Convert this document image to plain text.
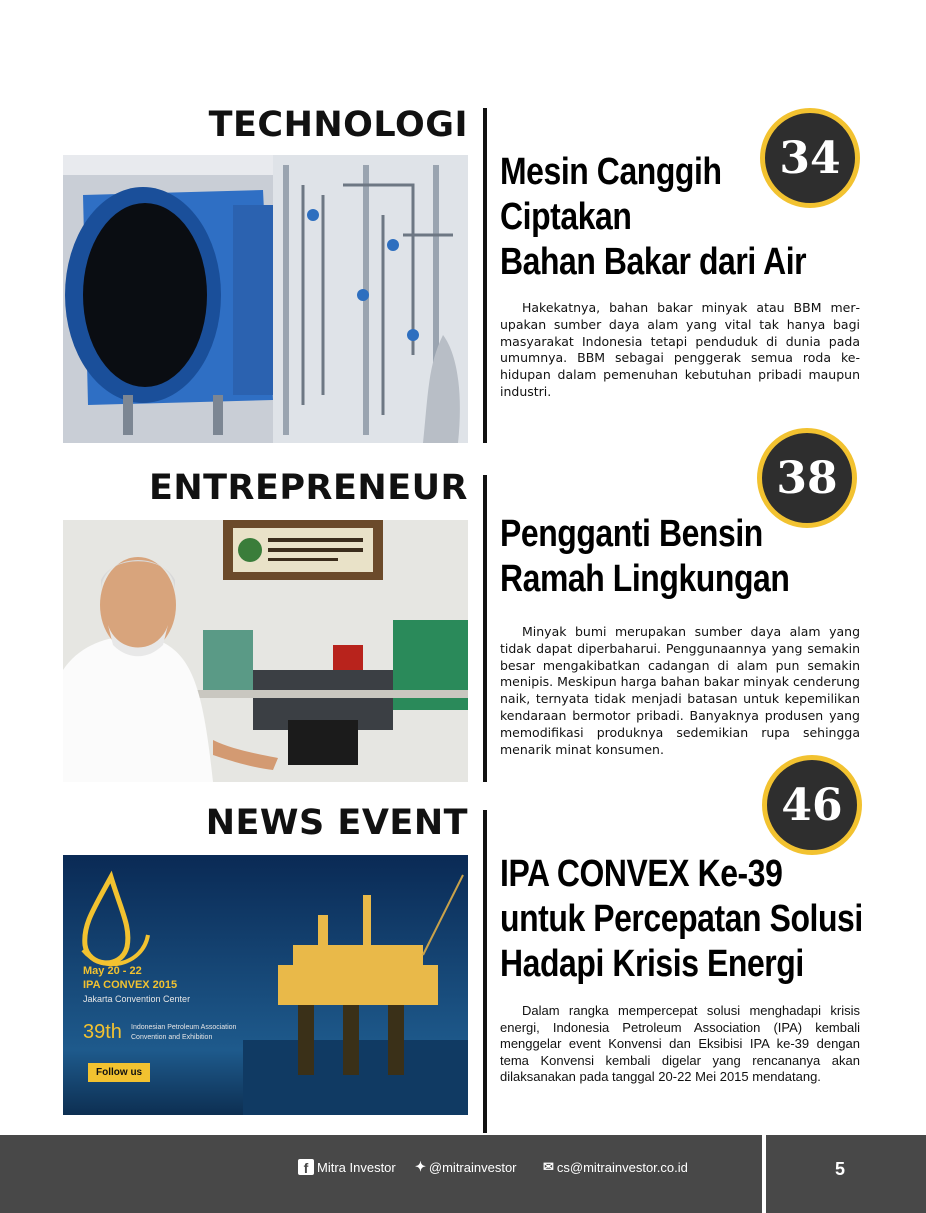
TECHNOLOGI
34
Mesin Canggih
Ciptakan
Bahan Bakar dari Air

Hakekatnya, bahan bakar minyak atau BBM merupakan sumber daya alam yang vital tak hanya bagi masyarakat Indonesia tetapi penduduk di dunia pada umumnya. BBM sebagai penggerak semua roda kehidupan dalam pemenuhan kebutuhan pribadi maupun industri.

ENTREPRENEUR	38
Pengganti Bensin
Ramah Lingkungan

Minyak bumi merupakan sumber daya alam yang tidak dapat diperbaharui. Penggunaannya yang semakin besar mengakibatkan cadangan di alam pun semakin menipis. Meskipun harga bahan bakar minyak cenderung naik, ternyata tidak menjadi batasan untuk kepemilikan kendaraan bermotor pribadi. Banyaknya produsen yang memodifikasi produknya sedemikian rupa sehingga menarik minat konsumen.

NEWS EVENT
May 20 - 22
IPA CONVEX 2015
Jakarta Convention Center
39th Indonesian Petroleum Association
Convention and Exhibition
Follow us
46
IPA CONVEX Ke-39
untuk Percepatan Solusi
Hadapi Krisis Energi

Dalam rangka mempercepat solusi menghadapi krisis energi, Indonesia Petroleum Association (IPA) kembali menggelar event Konvensi dan Eksibisi IPA ke-39 dengan tema Konvensi kembali digelar yang rencananya akan dilaksanakan pada tanggal 20-22 Mei 2015 mendatang.

f Mitra Investor ✦ @mitrainvestor ✉ cs@mitrainvestor.co.id	5
